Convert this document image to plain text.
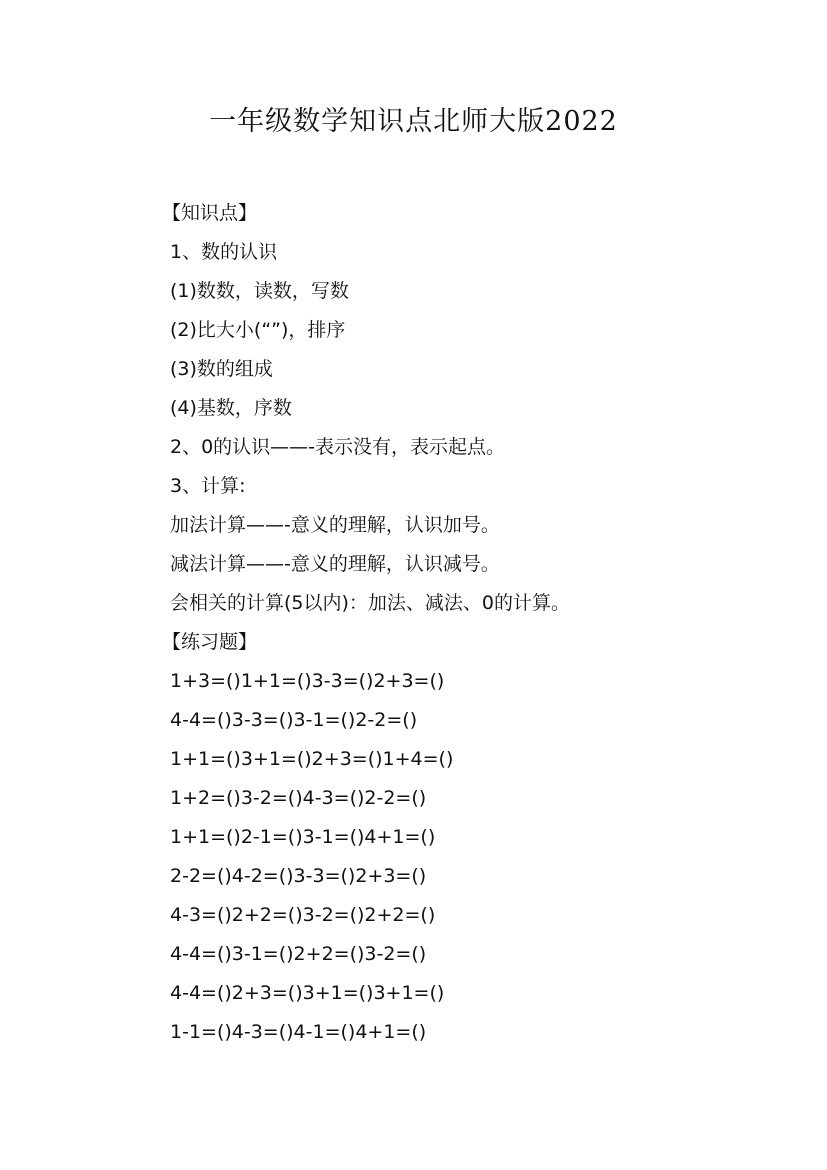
一年级数学知识点北师大版2022
【知识点】
1、数的认识
(1)数数，读数，写数
(2)比大小(“”)，排序
(3)数的组成
(4)基数，序数
2、0的认识——-表示没有，表示起点。
3、计算:
加法计算——-意义的理解，认识加号。
减法计算——-意义的理解，认识减号。
会相关的计算(5以内)：加法、减法、0的计算。
【练习题】
1+3=()1+1=()3-3=()2+3=()
4-4=()3-3=()3-1=()2-2=()
1+1=()3+1=()2+3=()1+4=()
1+2=()3-2=()4-3=()2-2=()
1+1=()2-1=()3-1=()4+1=()
2-2=()4-2=()3-3=()2+3=()
4-3=()2+2=()3-2=()2+2=()
4-4=()3-1=()2+2=()3-2=()
4-4=()2+3=()3+1=()3+1=()
1-1=()4-3=()4-1=()4+1=()
